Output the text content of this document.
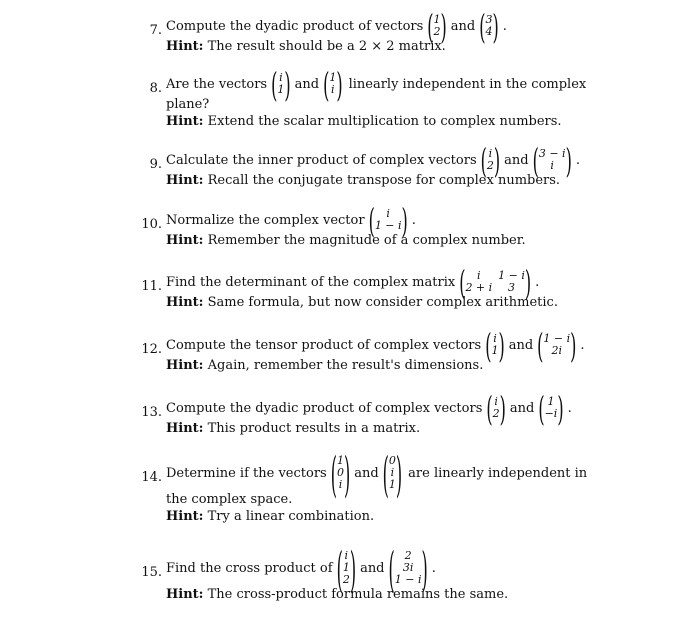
7. Compute the dyadic product of vectors ( 1
2 ) and ( 3
4 ) .
Hint: The result should be a 2 × 2 matrix.
8. Are the vectors ( i
1 ) and ( 1
i ) linearly independent in the complex
plane?
Hint: Extend the scalar multiplication to complex numbers.
9. Calculate the inner product of complex vectors ( i
2 ) and ( 3 − i
i ) .
Hint: Recall the conjugate transpose for complex numbers.
10. Normalize the complex vector ( i
1 − i ) .
Hint: Remember the magnitude of a complex number.
11. Find the determinant of the complex matrix ( i
2 + i
1 − i
3 ) .
Hint: Same formula, but now consider complex arithmetic.
12. Compute the tensor product of complex vectors ( i
1 ) and ( 1 − i
2i ) .
Hint: Again, remember the result's dimensions.
13. Compute the dyadic product of complex vectors ( i
2 ) and ( 1
−i ) .
Hint: This product results in a matrix.
14. Determine if the vectors ( 1
0
i ) and ( 0
i
1 ) are linearly independent in
the complex space.
Hint: Try a linear combination.
15. Find the cross product of ( i
1
2 ) and ( 2
3i
1 − i ) .
Hint: The cross-product formula remains the same.
